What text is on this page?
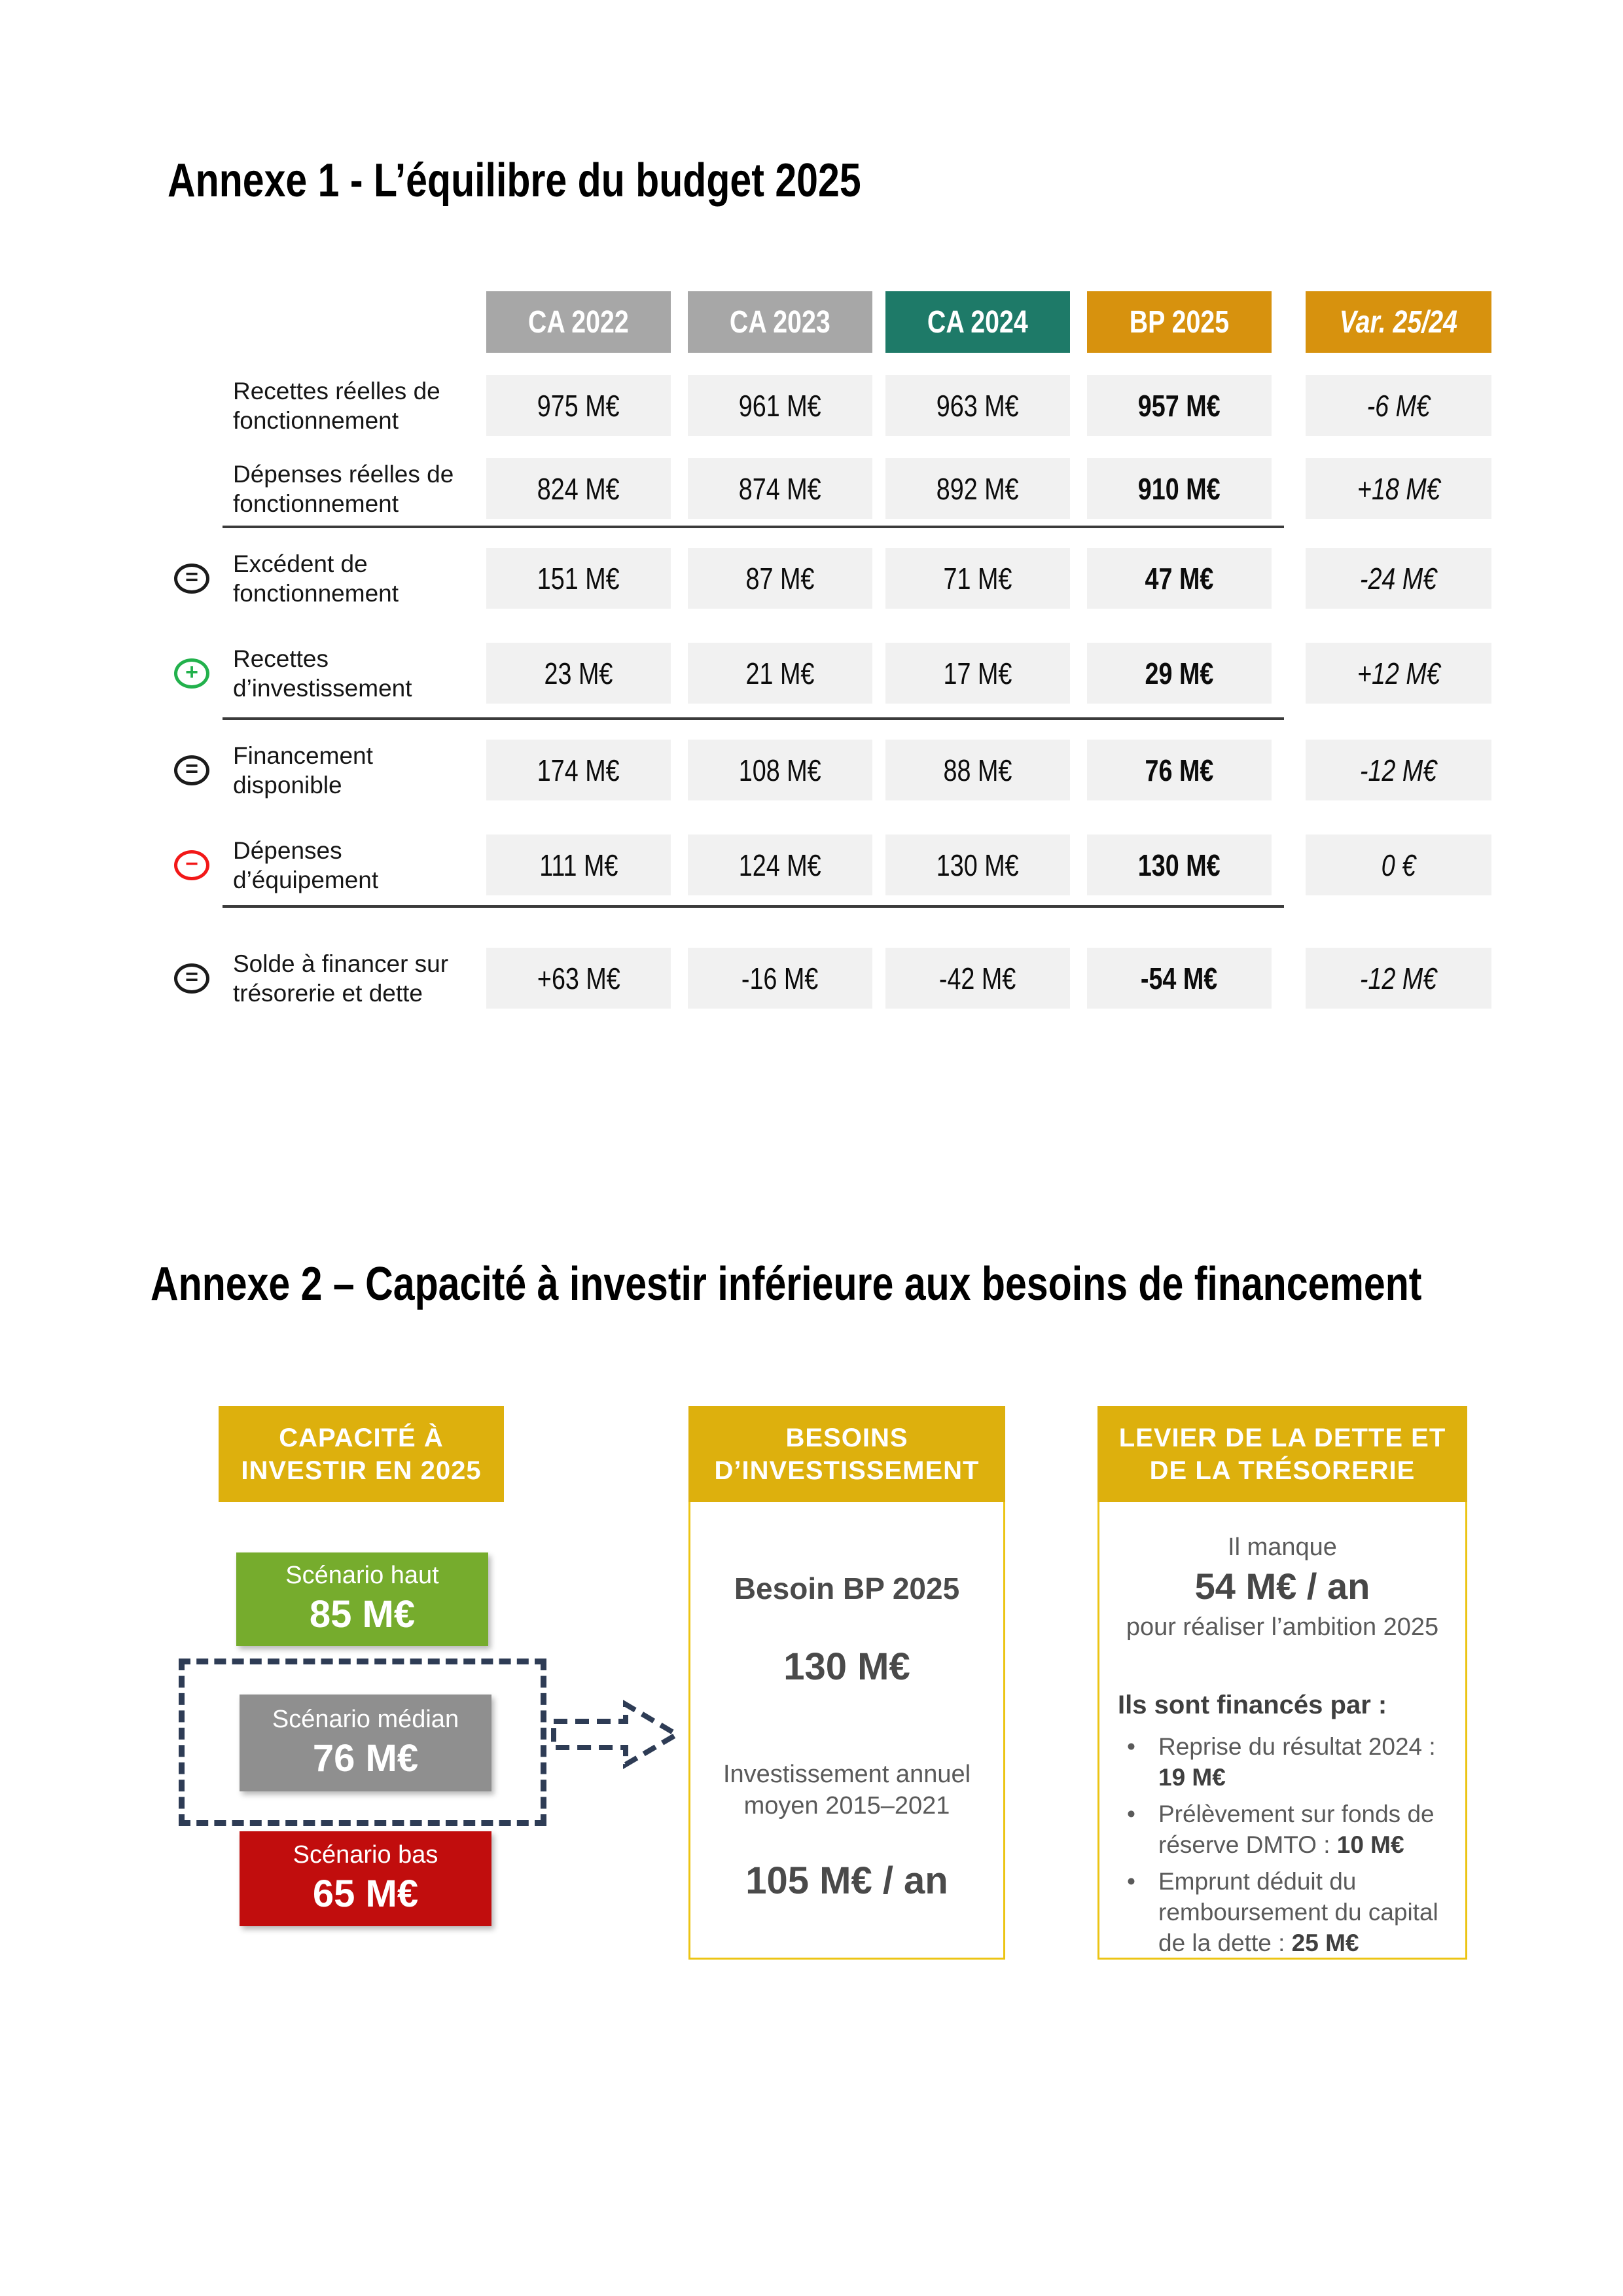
Annexe 1 - L’équilibre du budget 2025
CA 2022	CA 2023	CA 2024	BP 2025	Var. 25/24
Recettes réelles de fonctionnement	975 M€	961 M€	963 M€	957 M€	-6 M€
Dépenses réelles de fonctionnement	824 M€	874 M€	892 M€	910 M€	+18 M€
=
Excédent de fonctionnement	151 M€	87 M€	71 M€	47 M€	-24 M€
+
Recettes d’investissement	23 M€	21 M€	17 M€	29 M€	+12 M€
=
Financement disponible	174 M€	108 M€	88 M€	76 M€	-12 M€
−
Dépenses d’équipement	111 M€	124 M€	130 M€	130 M€	0 €
=
Solde à financer sur trésorerie et dette	+63 M€	-16 M€	-42 M€	-54 M€	-12 M€
Annexe 2 – Capacité à investir inférieure aux besoins de financement
CAPACITÉ À INVESTIR EN 2025
BESOINS D’INVESTISSEMENT
LEVIER DE LA DETTE ET DE LA TRÉSORERIE
Scénario haut
85 M€
Scénario médian
76 M€
Scénario bas
65 M€
Besoin BP 2025
130 M€
Investissement annuel moyen 2015–2021
105 M€ / an
Il manque
54 M€ / an
pour réaliser l’ambition 2025
Ils sont financés par :
• Reprise du résultat 2024 : 19 M€
• Prélèvement sur fonds de réserve DMTO : 10 M€
• Emprunt déduit du remboursement du capital de la dette : 25 M€
